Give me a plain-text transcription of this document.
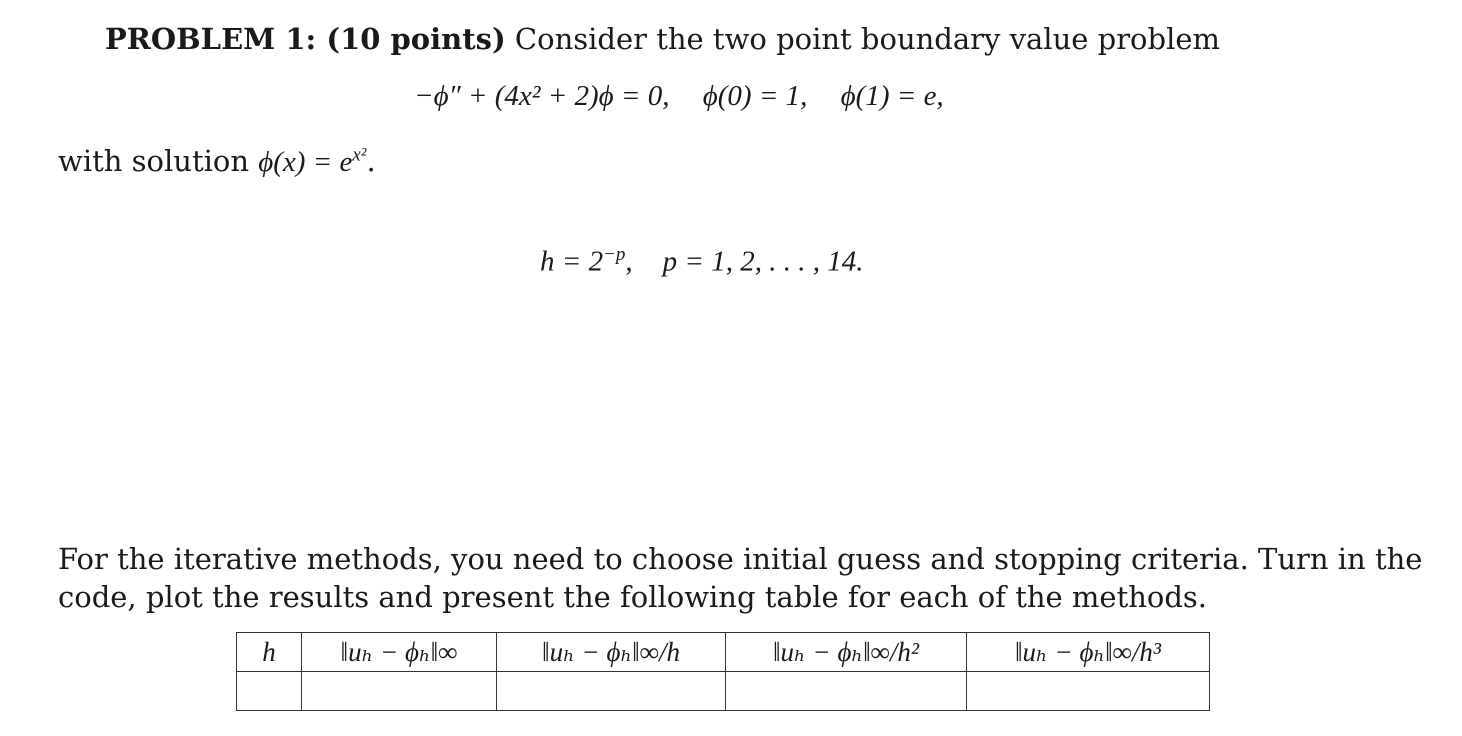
PROBLEM 1: (10 points) Consider the two point boundary value problem
−ϕ″ + (4x² + 2)ϕ = 0, ϕ(0) = 1, ϕ(1) = e,
with solution $\phi(x) = e^{x^2}$.
$h = 2^{-p}$, p = 1, 2, . . . , 14.
For the iterative methods, you need to choose initial guess and stopping criteria. Turn in the code, plot the results and present the following table for each of the methods.
h	‖uₕ − ϕₕ‖∞	‖uₕ − ϕₕ‖∞/h	‖uₕ − ϕₕ‖∞/h²	‖uₕ − ϕₕ‖∞/h³
